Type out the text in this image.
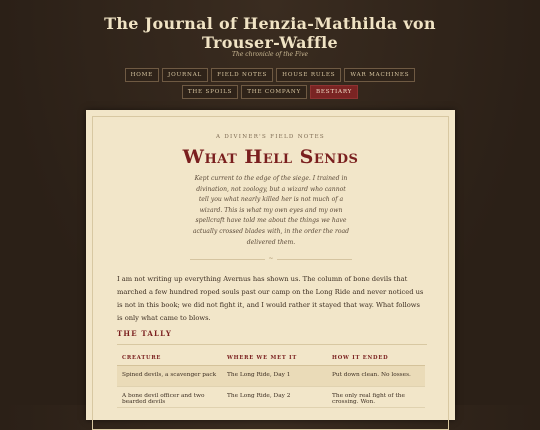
The Journal of Henzia-Mathilda von
Trouser-Waffle
The chronicle of the Five
HOME	JOURNAL	FIELD NOTES	HOUSE RULES	WAR MACHINES
THE SPOILS	THE COMPANY	BESTIARY
A DIVINER'S FIELD NOTES
What Hell Sends
Kept current to the edge of the siege. I trained in divination, not zoology, but a wizard who cannot tell you what nearly killed her is not much of a wizard. This is what my own eyes and my own spellcraft have told me about the things we have actually crossed blades with, in the order the road delivered them.
~

I am not writing up everything Avernus has shown us. The column of bone devils that marched a few hundred roped souls past our camp on the Long Ride and never noticed us is not in this book; we did not fight it, and I would rather it stayed that way. What follows is only what came to blows.

THE TALLY
CREATURE	WHERE WE MET IT	HOW IT ENDED
Spined devils, a scavenger pack	The Long Ride, Day 1	Put down clean. No losses.
A bone devil officer and two bearded devils	The Long Ride, Day 2	The only real fight of the crossing. Won.
